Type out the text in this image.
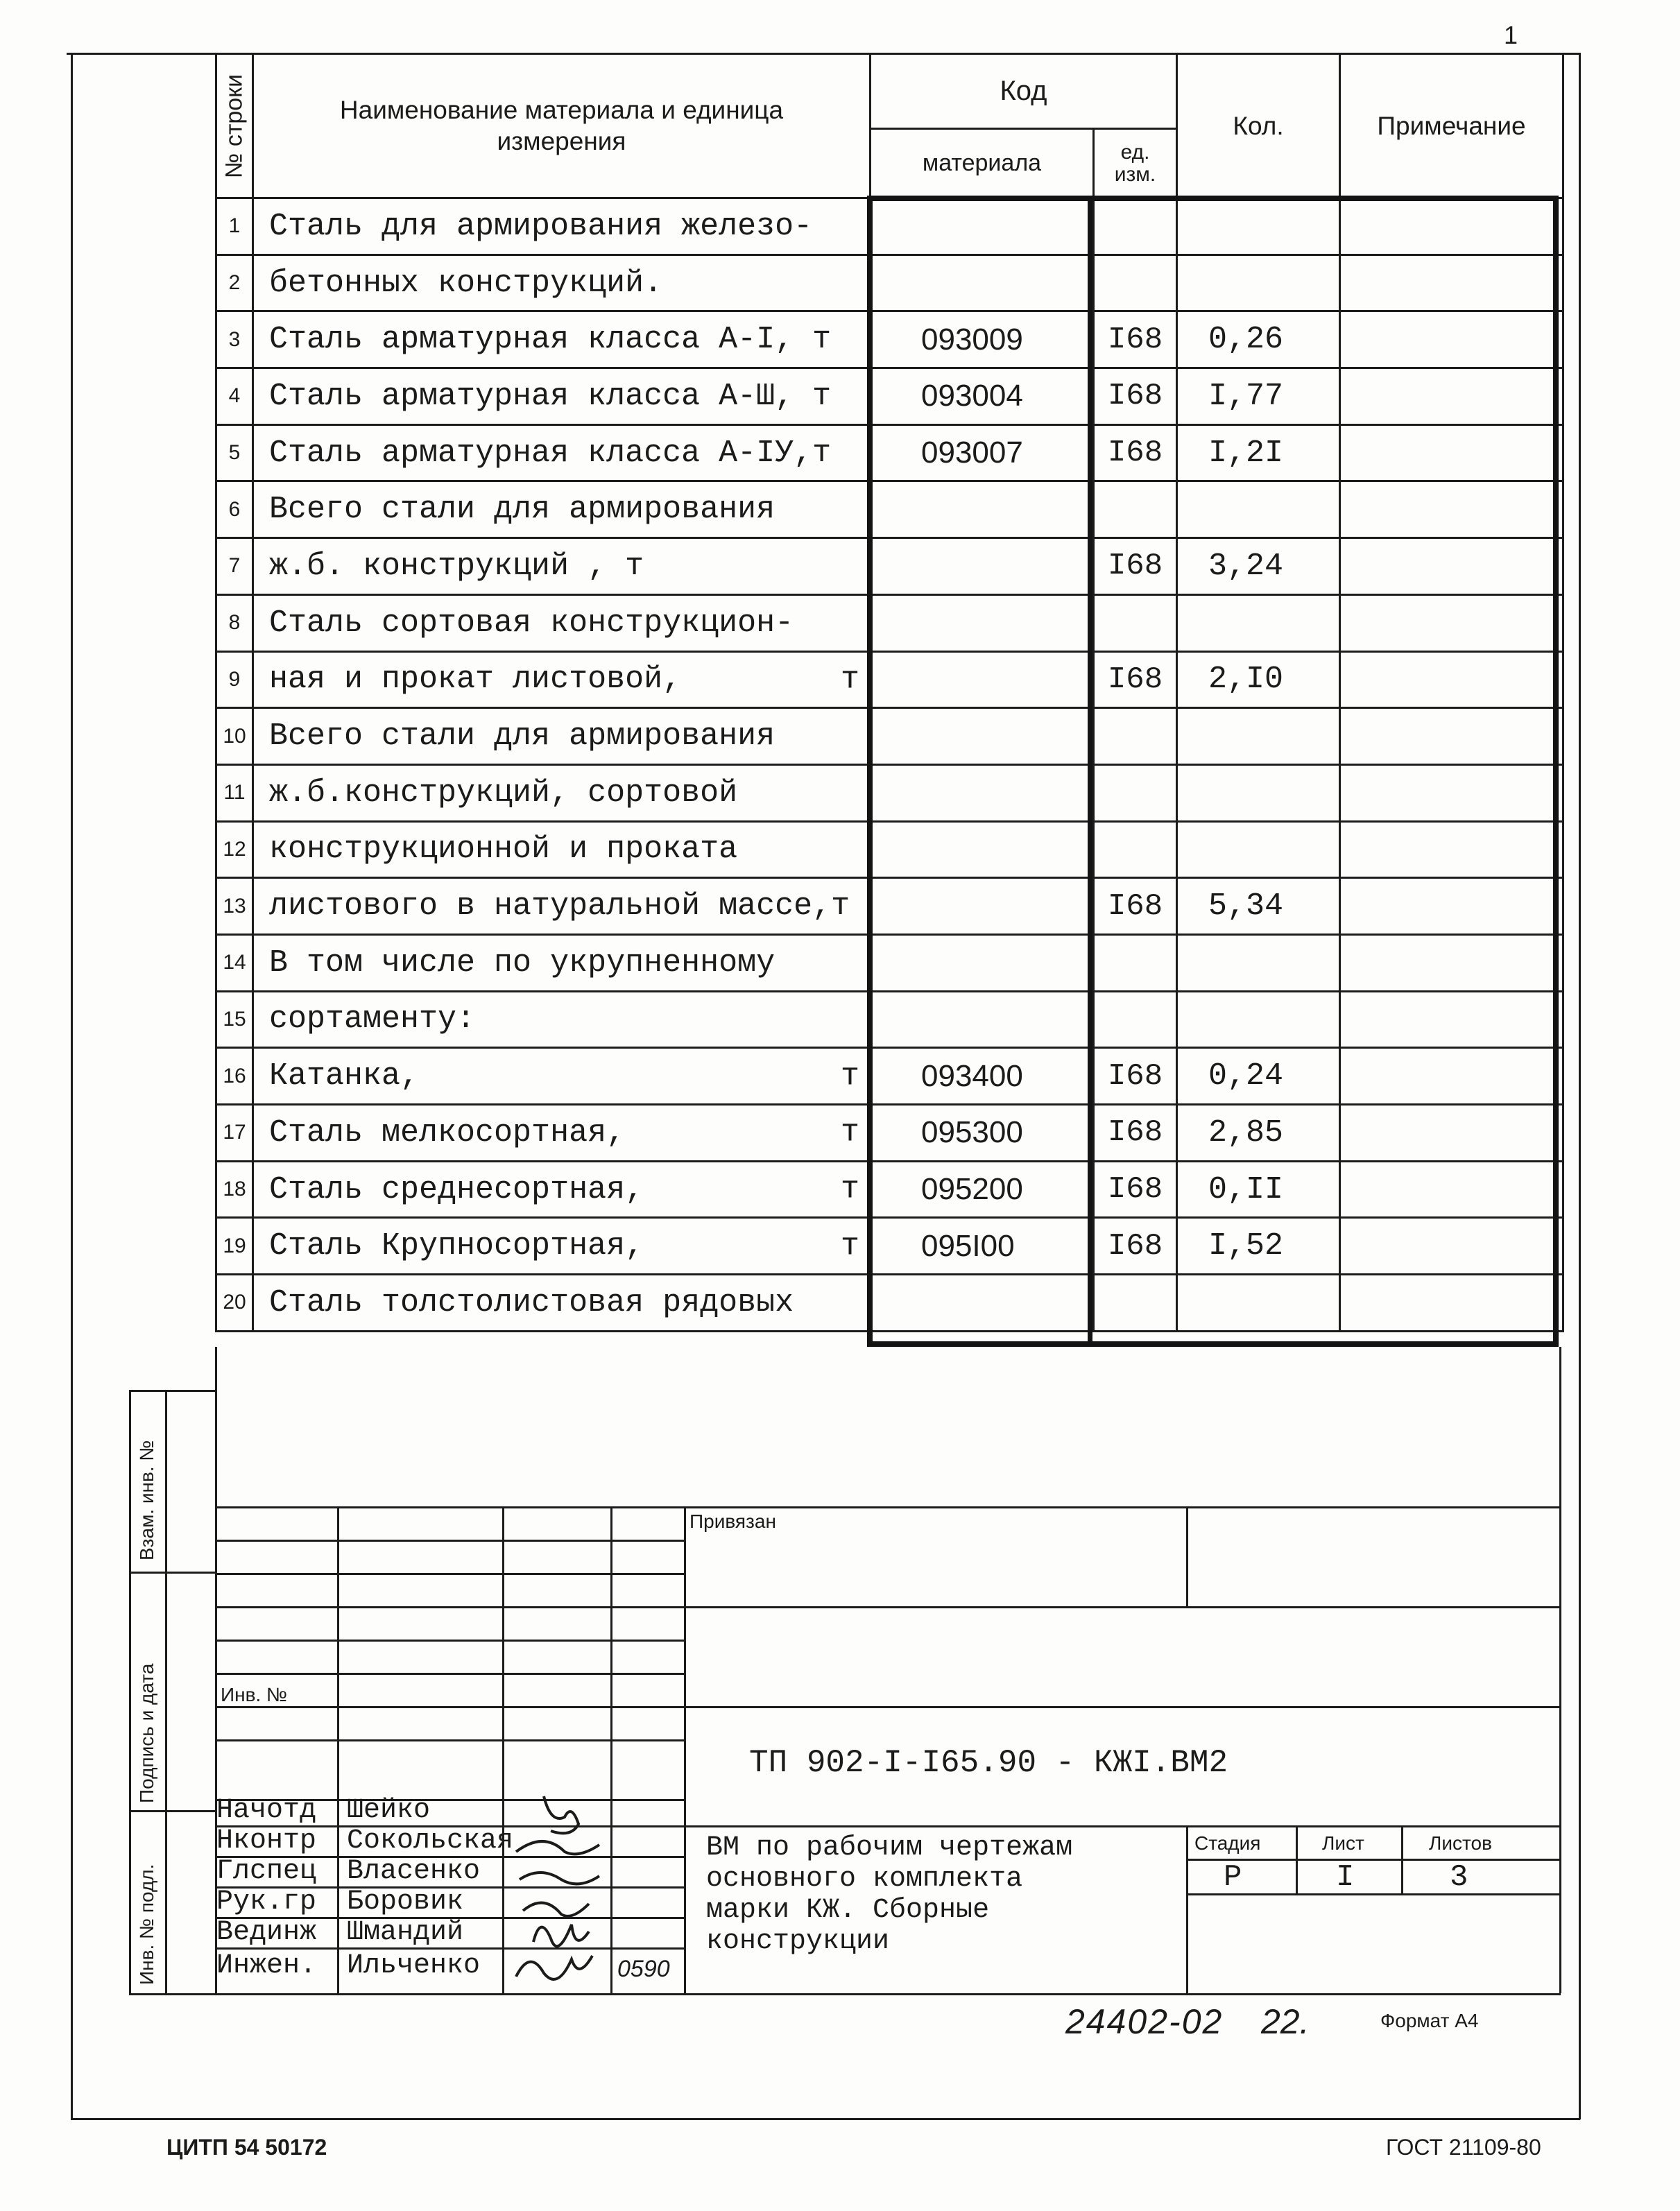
1
№ строки	Наименование материала и единица измерения	Код		Кол.	Примечание
		материала	ед. изм.		
1	Сталь для армирования железо-				
2	бетонных конструкций.				
3	Сталь арматурная класса А-I, т	093009	I68	0,26	
4	Сталь арматурная класса А-Ш, т	093004	I68	I,77	
5	Сталь арматурная класса А-IУ,т	093007	I68	I,2I	
6	Всего стали для армирования				
7	ж.б. конструкций , т		I68	3,24	
8	Сталь сортовая конструкцион-				
9	ная и прокат листовой, т		I68	2,I0	
10	Всего стали для армирования				
11	ж.б.конструкций, сортовой				
12	конструкционной и проката				
13	листового в натуральной массе,т		I68	5,34	
14	В том числе по укрупненному				
15	сортаменту:				
16	Катанка, т	093400	I68	0,24	
17	Сталь мелкосортная, т	095300	I68	2,85	
18	Сталь среднесортная, т	095200	I68	0,II	
19	Сталь Крупносортная, т	095I00	I68	I,52	
20	Сталь толстолистовая рядовых				
Взам. инв. №
Подпись и дата
Инв. № подл.
Привязан
Инв. №
ТП 902-I-I65.90 - КЖI.ВМ2
ВМ по рабочим чертежам
основного комплекта
марки КЖ. Сборные
конструкции
Стадия	Лист	Листов
Р	I	3
Начотд Шейко
Нконтр Сокольская
Глспец Власенко
Рук.гр Боровик
Вединж Шмандий
Инжен. Ильченко	0590
24402-02 22.	Формат А4
ЦИТП 54 50172	ГОСТ 21109-80
